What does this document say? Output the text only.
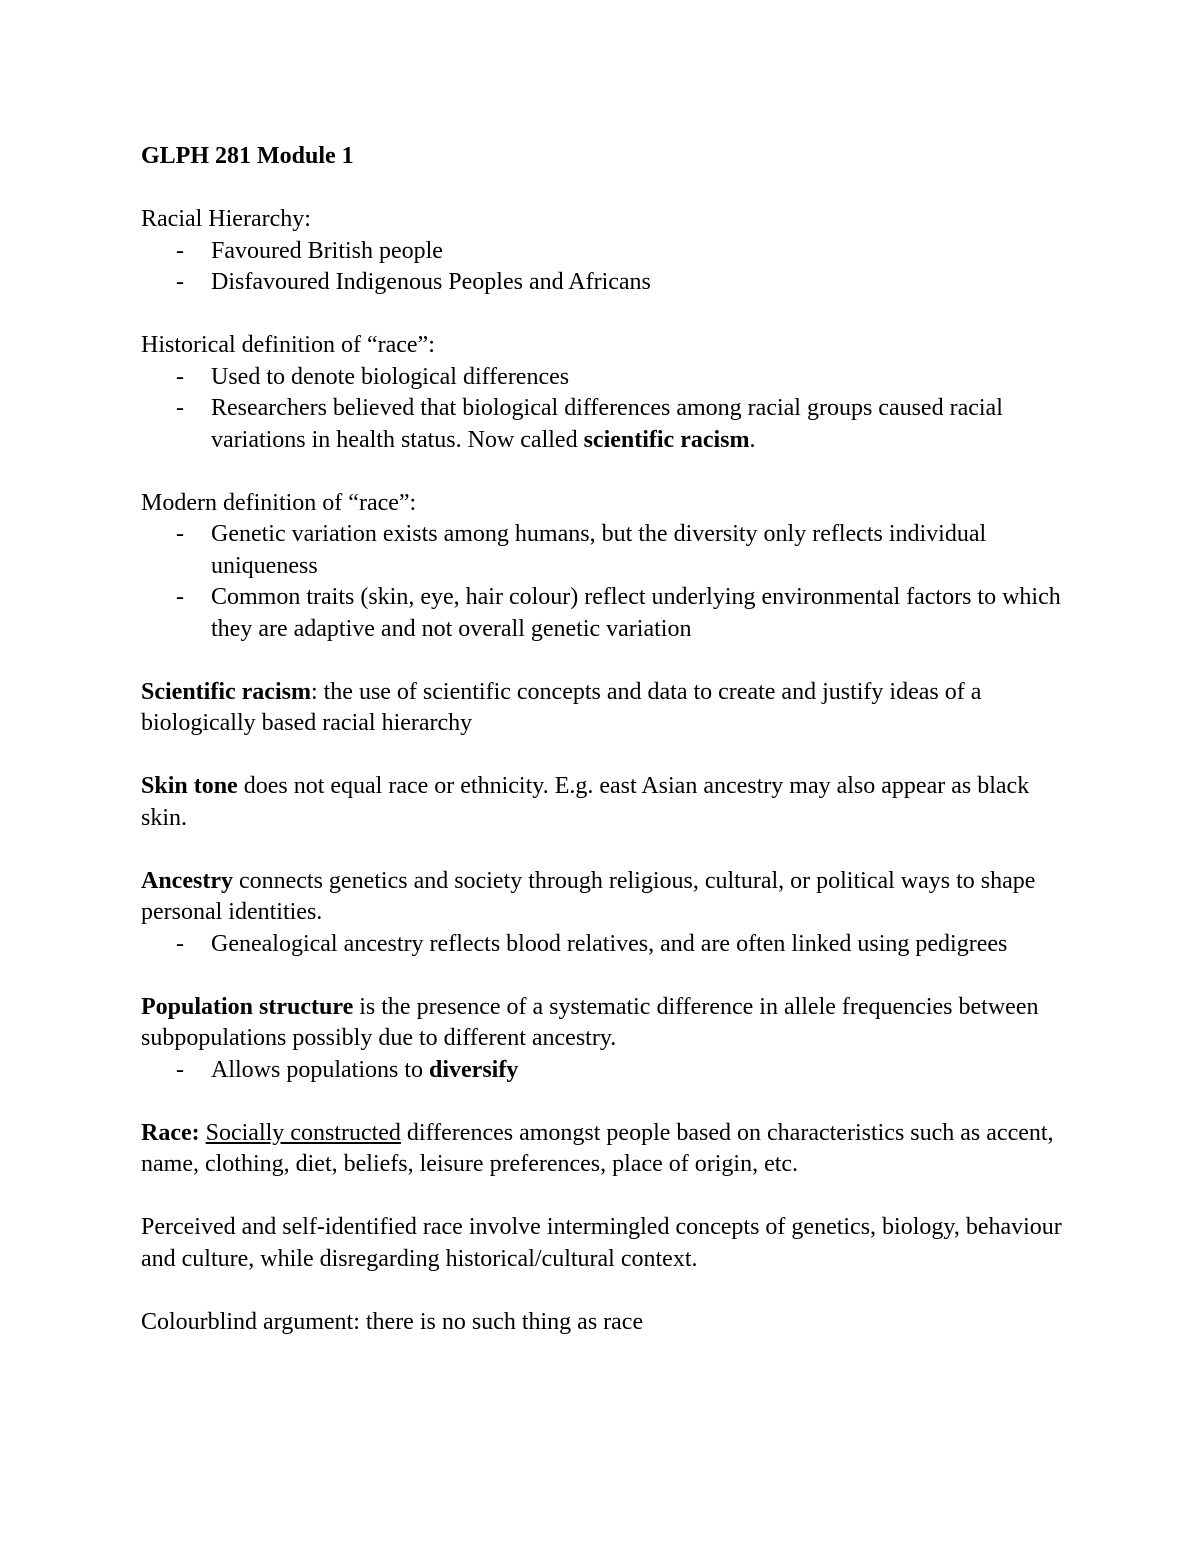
GLPH 281 Module 1

Racial Hierarchy:

- Favoured British people
- Disfavoured Indigenous Peoples and Africans

Historical definition of “race”:

- Used to denote biological differences
- Researchers believed that biological differences among racial groups caused racial variations in health status. Now called scientific racism.

Modern definition of “race”:

- Genetic variation exists among humans, but the diversity only reflects individual uniqueness
- Common traits (skin, eye, hair colour) reflect underlying environmental factors to which they are adaptive and not overall genetic variation

Scientific racism: the use of scientific concepts and data to create and justify ideas of a biologically based racial hierarchy

Skin tone does not equal race or ethnicity. E.g. east Asian ancestry may also appear as black skin.

Ancestry connects genetics and society through religious, cultural, or political ways to shape personal identities.

- Genealogical ancestry reflects blood relatives, and are often linked using pedigrees

Population structure is the presence of a systematic difference in allele frequencies between subpopulations possibly due to different ancestry.

- Allows populations to diversify

Race: Socially constructed differences amongst people based on characteristics such as accent, name, clothing, diet, beliefs, leisure preferences, place of origin, etc.

Perceived and self-identified race involve intermingled concepts of genetics, biology, behaviour and culture, while disregarding historical/cultural context.

Colourblind argument: there is no such thing as race
